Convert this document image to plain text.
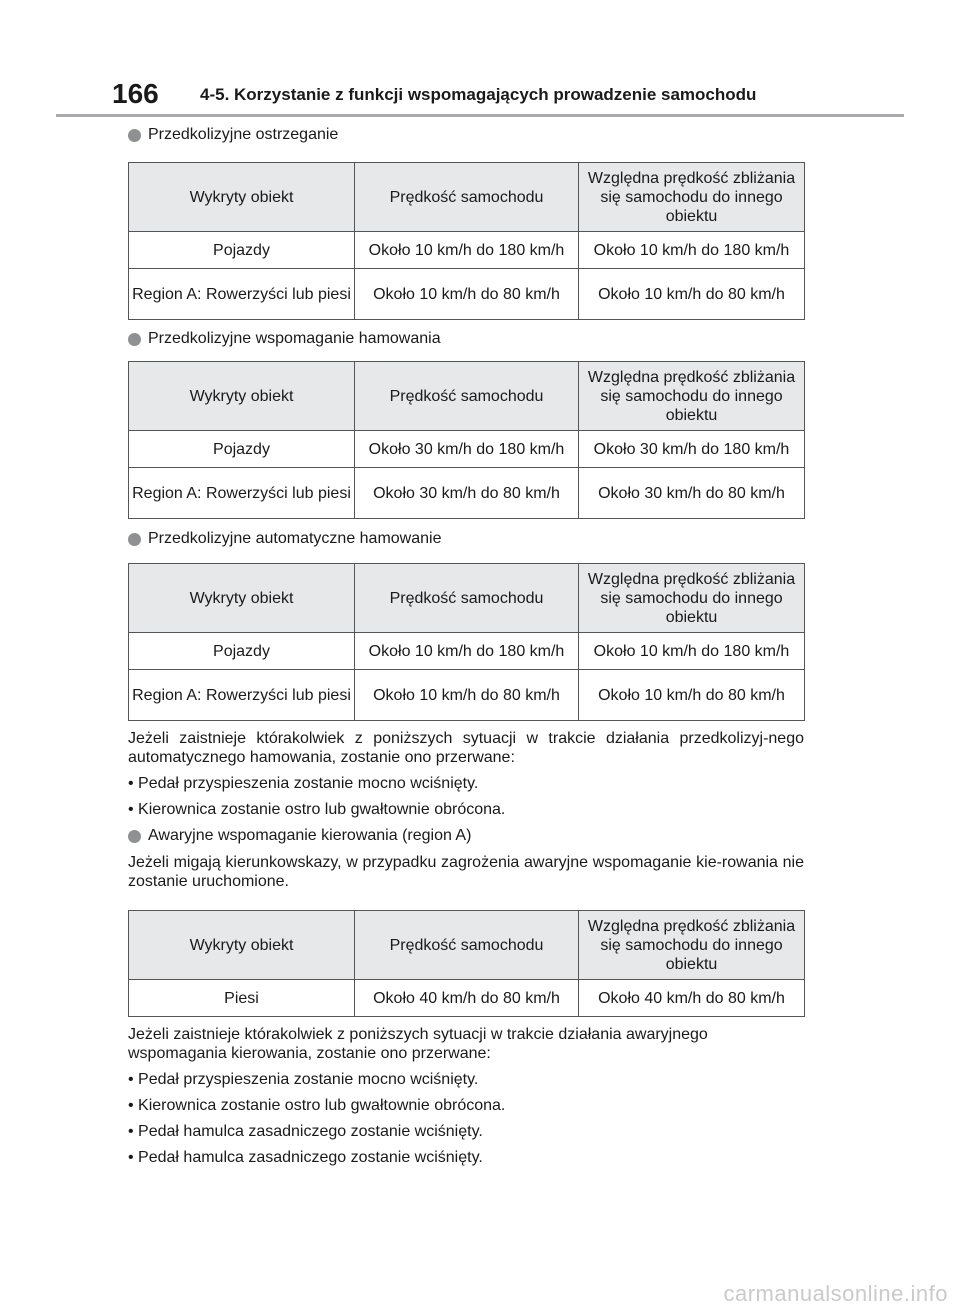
166 4-5. Korzystanie z funkcji wspomagających prowadzenie samochodu
Przedkolizyjne ostrzeganie
Wykryty obiekt	Prędkość samochodu	Względna prędkość zbliżania się samochodu do innego obiektu
Pojazdy	Około 10 km/h do 180 km/h	Około 10 km/h do 180 km/h
Region A: Rowerzyści lub piesi	Około 10 km/h do 80 km/h	Około 10 km/h do 80 km/h
Przedkolizyjne wspomaganie hamowania
Wykryty obiekt	Prędkość samochodu	Względna prędkość zbliżania się samochodu do innego obiektu
Pojazdy	Około 30 km/h do 180 km/h	Około 30 km/h do 180 km/h
Region A: Rowerzyści lub piesi	Około 30 km/h do 80 km/h	Około 30 km/h do 80 km/h
Przedkolizyjne automatyczne hamowanie
Wykryty obiekt	Prędkość samochodu	Względna prędkość zbliżania się samochodu do innego obiektu
Pojazdy	Około 10 km/h do 180 km/h	Około 10 km/h do 180 km/h
Region A: Rowerzyści lub piesi	Około 10 km/h do 80 km/h	Około 10 km/h do 80 km/h

Jeżeli zaistnieje którakolwiek z poniższych sytuacji w trakcie działania przedkolizyj-nego automatycznego hamowania, zostanie ono przerwane:

• Pedał przyspieszenia zostanie mocno wciśnięty.

• Kierownica zostanie ostro lub gwałtownie obrócona.

Awaryjne wspomaganie kierowania (region A)

Jeżeli migają kierunkowskazy, w przypadku zagrożenia awaryjne wspomaganie kie-rowania nie zostanie uruchomione.

Wykryty obiekt	Prędkość samochodu	Względna prędkość zbliżania się samochodu do innego obiektu
Piesi	Około 40 km/h do 80 km/h	Około 40 km/h do 80 km/h

Jeżeli zaistnieje którakolwiek z poniższych sytuacji w trakcie działania awaryjnego wspomagania kierowania, zostanie ono przerwane:

• Pedał przyspieszenia zostanie mocno wciśnięty.

• Kierownica zostanie ostro lub gwałtownie obrócona.

• Pedał hamulca zasadniczego zostanie wciśnięty.

• Pedał hamulca zasadniczego zostanie wciśnięty.

carmanualsonline.info
